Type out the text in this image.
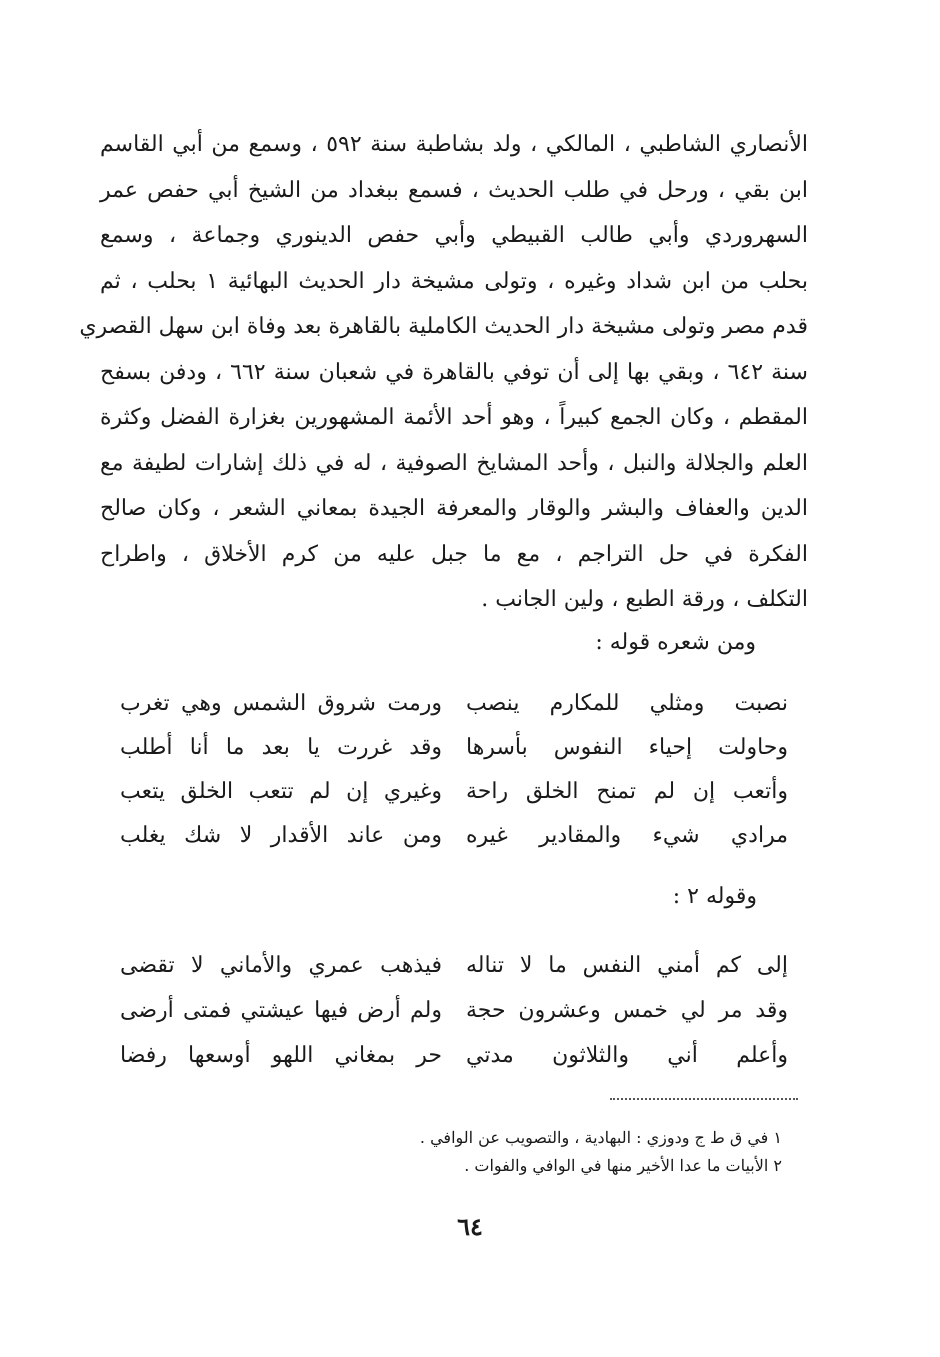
الأنصاري الشاطبي ، المالكي ، ولد بشاطبة سنة ٥٩٢ ، وسمع من أبي القاسم
ابن بقي ، ورحل في طلب الحديث ، فسمع ببغداد من الشيخ أبي حفص عمر
السهروردي وأبي طالب القبيطي وأبي حفص الدينوري وجماعة ، وسمع
بحلب من ابن شداد وغيره ، وتولى مشيخة دار الحديث البهائية ١ بحلب ، ثم
قدم مصر وتولى مشيخة دار الحديث الكاملية بالقاهرة بعد وفاة ابن سهل القصري
سنة ٦٤٢ ، وبقي بها إلى أن توفي بالقاهرة في شعبان سنة ٦٦٢ ، ودفن بسفح
المقطم ، وكان الجمع كبيراً ، وهو أحد الأئمة المشهورين بغزارة الفضل وكثرة
العلم والجلالة والنبل ، وأحد المشايخ الصوفية ، له في ذلك إشارات لطيفة مع
الدين والعفاف والبشر والوقار والمعرفة الجيدة بمعاني الشعر ، وكان صالح
الفكرة في حل التراجم ، مع ما جبل عليه من كرم الأخلاق ، واطراح
التكلف ، ورقة الطبع ، ولين الجانب .
ومن شعره قوله :
نصبت ومثلي للمكارم ينصب
ورمت شروق الشمس وهي تغرب
وحاولت إحياء النفوس بأسرها
وقد غررت يا بعد ما أنا أطلب
وأتعب إن لم تمنح الخلق راحة
وغيري إن لم تتعب الخلق يتعب
مرادي شيء والمقادير غيره
ومن عاند الأقدار لا شك يغلب
وقوله ٢ :
إلى كم أمني النفس ما لا تناله
فيذهب عمري والأماني لا تقضى
وقد مر لي خمس وعشرون حجة
ولم أرض فيها عيشتي فمتى أرضى
وأعلم أني والثلاثون مدتي
حر بمغاني اللهو أوسعها رفضا
١ في ق ط ج ودوزي : البهادية ، والتصويب عن الوافي .
٢ الأبيات ما عدا الأخير منها في الوافي والفوات .
٦٤
